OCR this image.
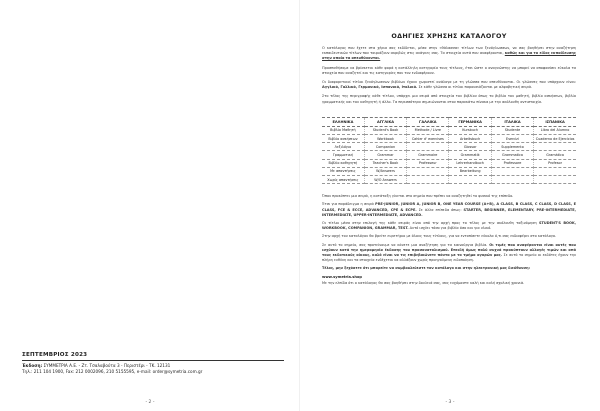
ΣΕΠΤΕΜΒΡΙΟΣ 2023

Έκδοση: ΣΥΜΜΕΤΡΙΑ Α.Ε. - Ζτ. Τσαλαβούτα 3 - Περιστέρι - ΤΚ. 12131

Τηλ.: 211 104 1900, Fax: 212 0002096, 210 5155595, e-mail: order@symetria.com.gr

- 2 -
ΟΔΗΓΙΕΣ ΧΡΗΣΗΣ ΚΑΤΑΛΟΓΟΥ

Ο κατάλογος που έχετε στα χέρια σας εκδίδεται, μέσα στην «θάλασσα» τίτλων των ξενόγλωσσων, να σας βοηθήσει στην αναζήτηση εκπαιδευτικών τίτλων που ταιριάζουν ακριβώς στις ανάγκες σας. Τα στοιχεία αυτά που αναφέρονται, καθώς και για το είδος εκπαίδευσης στην οποία τα απευθύνονται.

Προσπαθήσαμε να βρίσκεται κάθε φορά η κατάλληλη κατηγορία τους τίτλους, έτσι ώστε ο αναγνώστης να μπορεί να αποφασίσει εύκολα τα στοιχεία που αναζητεί και τις κατηγορίες που τον ενδιαφέρουν.

Οι διαφορετικοί τίτλοι ξενόγλωσσων βιβλίων έχουν χωριστεί ανάλογα με τη γλώσσα που απευθύνονται. Οι γλώσσες που υπάρχουν είναι: Αγγλικά, Γαλλικά, Γερμανικά, Ισπανικά, Ιταλικά. Σε κάθε γλώσσα οι τίτλοι παρουσιάζονται με αλφαβητική σειρά.

Στο τέλος της περιγραφής κάθε τίτλου, υπάρχει μια σειρά από στοιχεία του βιβλίου όπως το βιβλίο του μαθητή, βιβλίο ασκήσεων, βιβλίο γραμματικής και του καθηγητή ή άλλο. Τα περισσότερα σημειώνονται στον παρακάτω πίνακα με την ακόλουθη αντιστοιχία.

ΕΛΛΗΝΙΚΑ	ΑΓΓΛΙΚΑ	ΓΑΛΛΙΚΑ	ΓΕΡΜΑΝΙΚΑ	ΙΤΑΛΙΚΑ	ΙΣΠΑΝΙΚΑ
Βιβλίο Μαθητή	Student's Book	Methode / Livre	Kursbuch	Studente	Libro del Alumno
Βιβλίο ασκήσεων	Workbook	Cahier d' exercises	Arbeitsbuch	Esercizi	Cuaderno de Ejercicios
Λεξιλόγιο	Companion		Glossar	Supplemento	
Γραμματική	Grammar	Grammaire	Grammatik	Grammatica	Gramática
Βιβλίο καθηγητή	Teacher's Book	Professeur	Lehrerhandbuch	Professore	Profesor
Με απαντήσεις	W/Answers		Bearbeitung		
Χωρίς απαντήσεις	W/O Answers				

Όπου προκύπτει μια σειρά, η κατάταξη γίνεται στο σημείο που πρέπει να αναζητηθεί το φυσικό της επίπεδο.

Έτσι για παράδειγμα η σειρά PRE-JUNIOR, JUNIOR A, JUNIOR B, ONE YEAR COURSE (A+B), A CLASS, B CLASS, C CLASS, D CLASS, E CLASS, FCE & ECCE, ADVANCED, CPE & ECPE. Σε άλλα επίπεδα όπως: STARTER, BEGINNER, ELEMENTARY, PRE-INTERMEDIATE, INTERMEDIATE, UPPER-INTERMEDIATE, ADVANCED.

Οι τίτλοι μέσα στην επιλογή της κάθε σειράς είναι από την αρχή προς το τέλος με την ακόλουθη ταξινόμηση STUDENT'S BOOK, WORKBOOK, COMPANION, GRAMMAR, TEST. Αυτό ισχύει τόσο για βιβλία όσο και για υλικό.

Στην αρχή του καταλόγου θα βρείτε ευρετήριο με όλους τους τίτλους, για να εντοπίσετε εύκολα ό,τι σας ενδιαφέρει στο κατάλογο.

Σε αυτό το σημείο, σας προτείνουμε να κάνετε μια αναζήτηση για τα καινούργια βιβλία. Οι τιμές που αναφέρονται είναι αυτές που ισχύουν κατά την ημερομηνία έκδοσης του προσανατολισμού. Επειδή όμως πολύ συχνά προκύπτουν αλλαγές τιμών και από τους εκδοτικούς οίκους, καλό είναι να τις επιβεβαιώνετε πάντα με το τμήμα αγορών μας. Σε αυτό το σημείο οι εκδότες έχουν την πλήρη ευθύνη και τα στοιχεία ενδέχεται να αλλάξουν χωρίς προηγούμενη ειδοποίηση.

Τέλος, μην ξεχάσετε ότι μπορείτε να συμβουλεύεστε τον κατάλογο και στην ηλεκτρονική μας διεύθυνση:

www.symetria.shop

Με την ελπίδα ότι ο κατάλογος θα σας βοηθήσει στην δουλειά σας, σας ευχόμαστε καλή και καλή σχολική χρονιά.

- 3 -
